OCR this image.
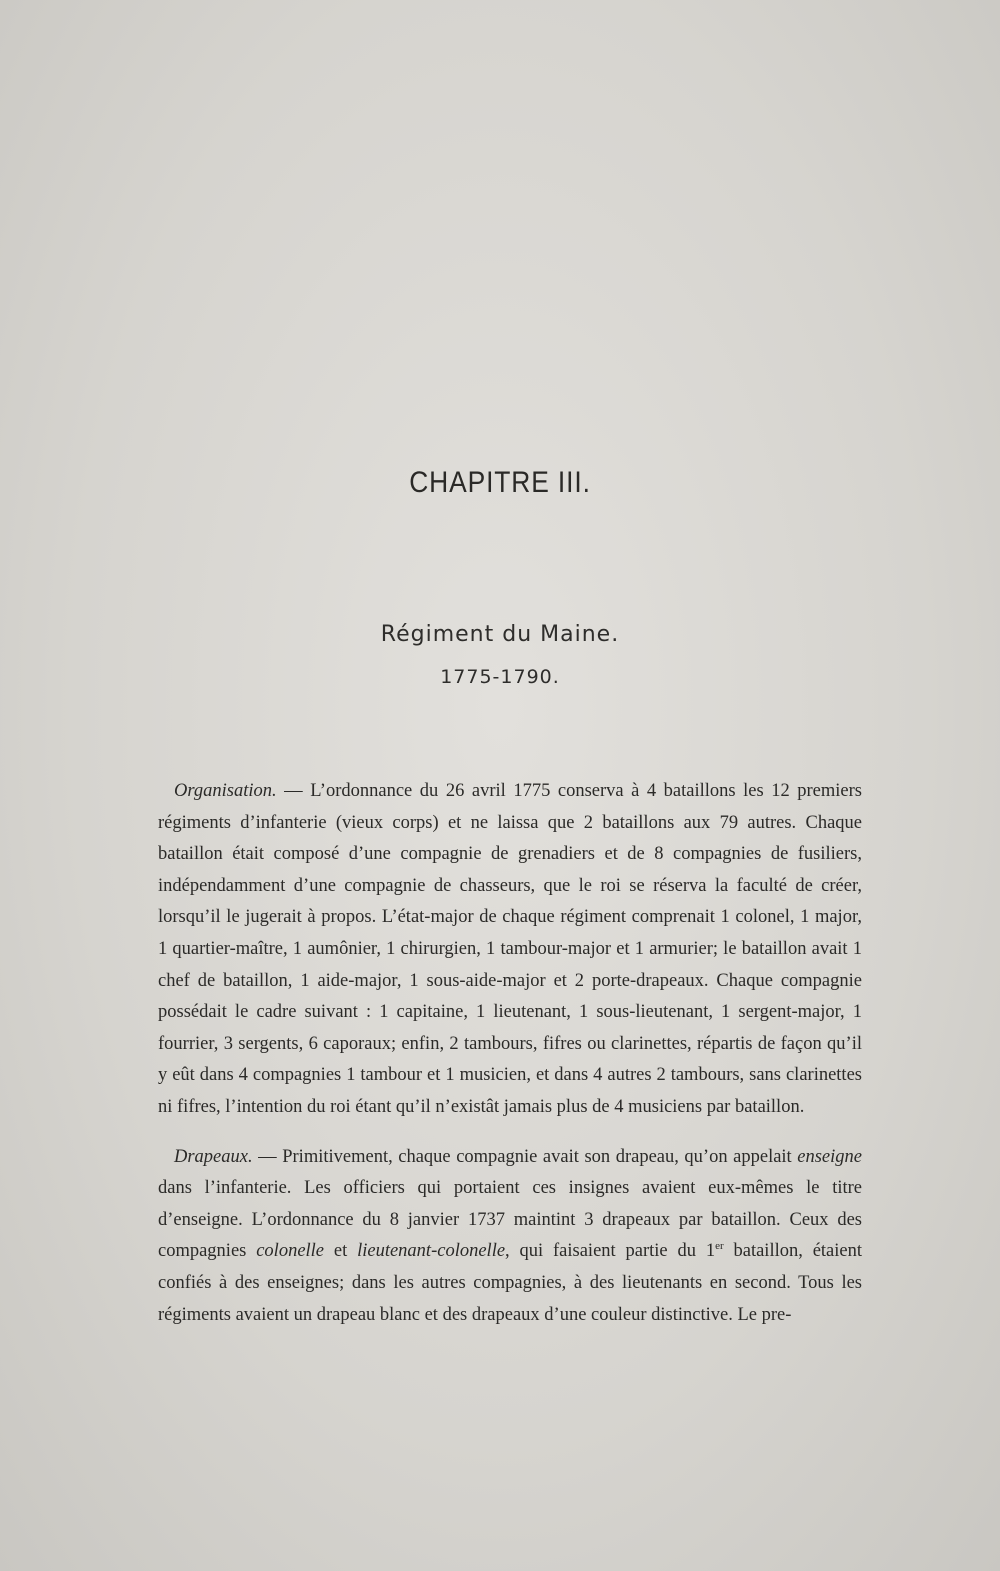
CHAPITRE III.
Régiment du Maine.
1775-1790.

Organisation. — L’ordonnance du 26 avril 1775 conserva à 4 bataillons les 12 premiers régiments d’infanterie (vieux corps) et ne laissa que 2 bataillons aux 79 autres. Chaque bataillon était composé d’une compagnie de grenadiers et de 8 compagnies de fusiliers, indépendamment d’une compagnie de chasseurs, que le roi se réserva la faculté de créer, lorsqu’il le jugerait à propos. L’état-major de chaque régiment comprenait 1 colonel, 1 major, 1 quartier-maître, 1 aumônier, 1 chirurgien, 1 tambour-major et 1 armurier; le bataillon avait 1 chef de bataillon, 1 aide-major, 1 sous-aide-major et 2 porte-drapeaux. Chaque compagnie possédait le cadre suivant : 1 capitaine, 1 lieutenant, 1 sous-lieutenant, 1 sergent-major, 1 fourrier, 3 sergents, 6 caporaux; enfin, 2 tambours, fifres ou clarinettes, répartis de façon qu’il y eût dans 4 compagnies 1 tambour et 1 musicien, et dans 4 autres 2 tambours, sans clarinettes ni fifres, l’intention du roi étant qu’il n’existât jamais plus de 4 musiciens par bataillon.

Drapeaux. — Primitivement, chaque compagnie avait son drapeau, qu’on appelait enseigne dans l’infanterie. Les officiers qui portaient ces insignes avaient eux-mêmes le titre d’enseigne. L’ordonnance du 8 janvier 1737 maintint 3 drapeaux par bataillon. Ceux des compagnies colonelle et lieutenant-colonelle, qui faisaient partie du 1er bataillon, étaient confiés à des enseignes; dans les autres compagnies, à des lieutenants en second. Tous les régiments avaient un drapeau blanc et des drapeaux d’une couleur distinctive. Le pre-
